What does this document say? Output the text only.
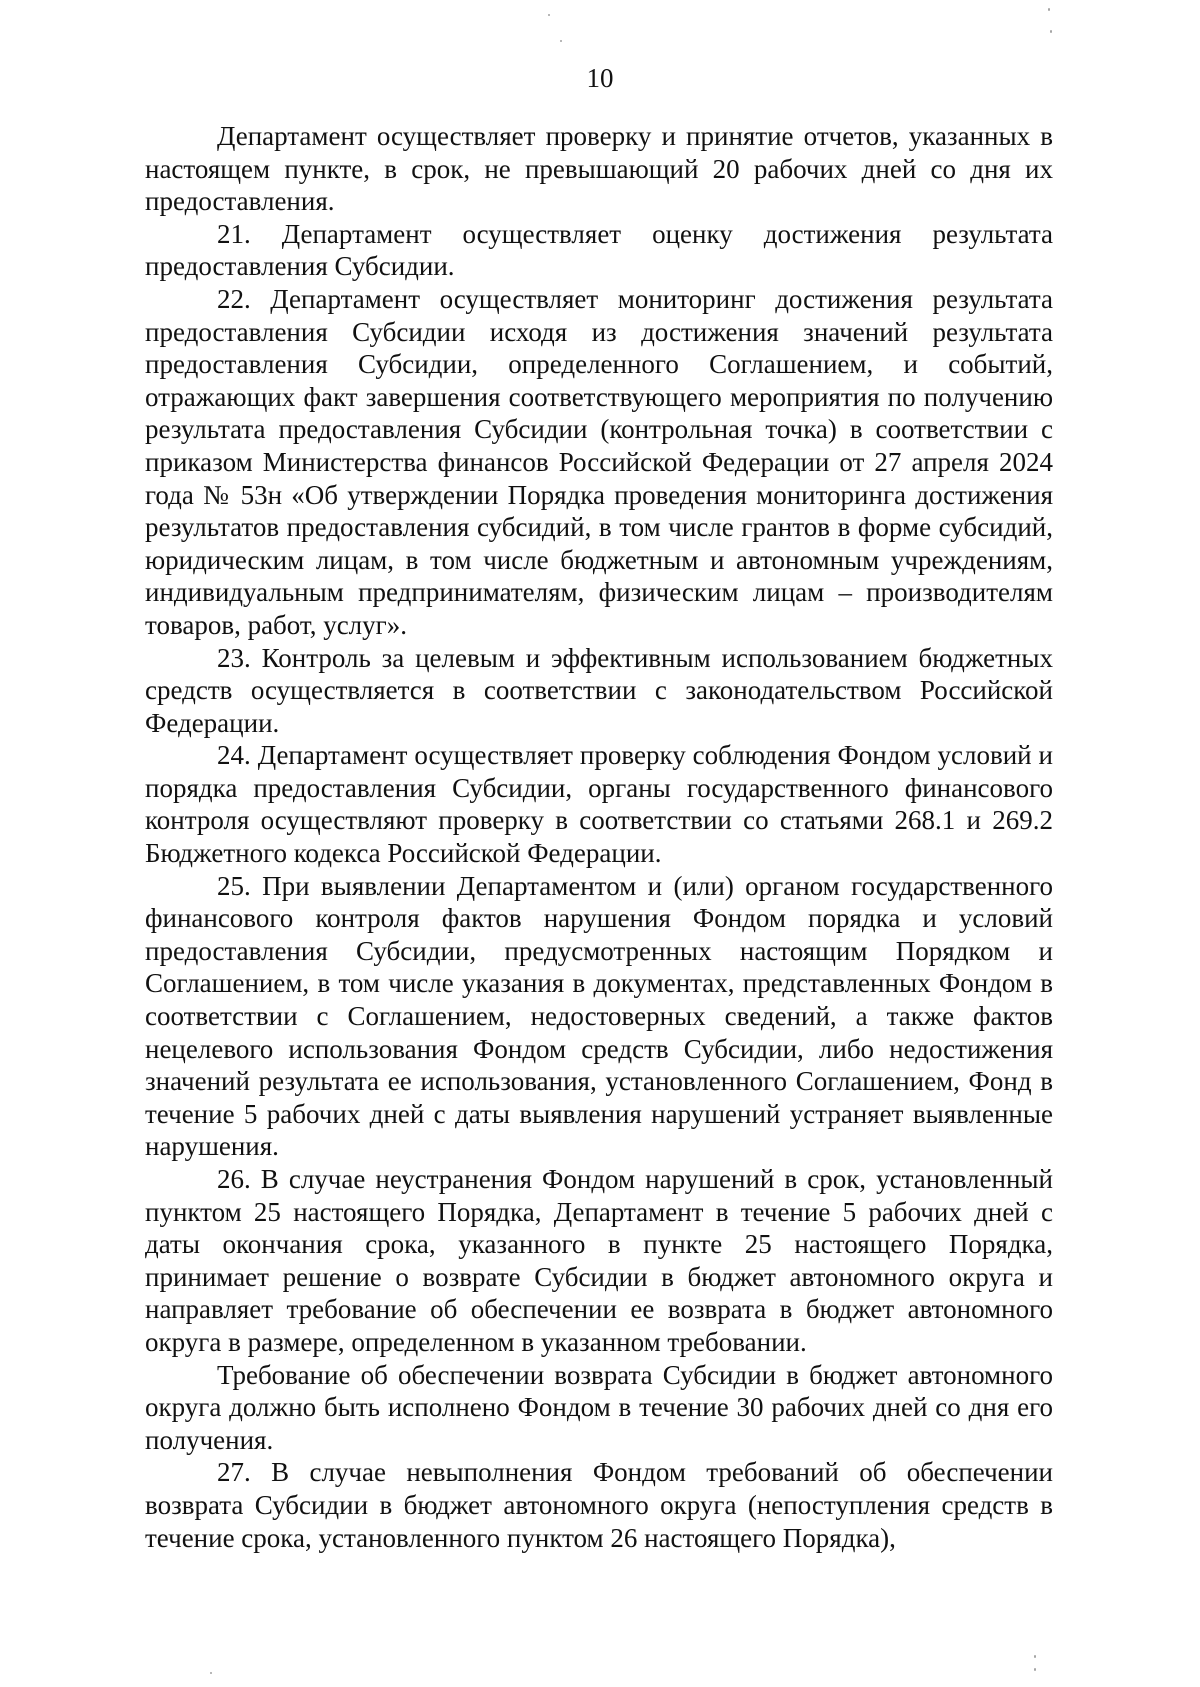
10

Департамент осуществляет проверку и принятие отчетов, указанных в настоящем пункте, в срок, не превышающий 20 рабочих дней со дня их предоставления.

21. Департамент осуществляет оценку достижения результата предоставления Субсидии.

22. Департамент осуществляет мониторинг достижения результата предоставления Субсидии исходя из достижения значений результата предоставления Субсидии, определенного Соглашением, и событий, отражающих факт завершения соответствующего мероприятия по получению результата предоставления Субсидии (контрольная точка) в соответствии с приказом Министерства финансов Российской Федерации от 27 апреля 2024 года № 53н «Об утверждении Порядка проведения мониторинга достижения результатов предоставления субсидий, в том числе грантов в форме субсидий, юридическим лицам, в том числе бюджетным и автономным учреждениям, индивидуальным предпринимателям, физическим лицам – производителям товаров, работ, услуг».

23. Контроль за целевым и эффективным использованием бюджетных средств осуществляется в соответствии с законодательством Российской Федерации.

24. Департамент осуществляет проверку соблюдения Фондом условий и порядка предоставления Субсидии, органы государственного финансового контроля осуществляют проверку в соответствии со статьями 268.1 и 269.2 Бюджетного кодекса Российской Федерации.

25. При выявлении Департаментом и (или) органом государственного финансового контроля фактов нарушения Фондом порядка и условий предоставления Субсидии, предусмотренных настоящим Порядком и Соглашением, в том числе указания в документах, представленных Фондом в соответствии с Соглашением, недостоверных сведений, а также фактов нецелевого использования Фондом средств Субсидии, либо недостижения значений результата ее использования, установленного Соглашением, Фонд в течение 5 рабочих дней с даты выявления нарушений устраняет выявленные нарушения.

26. В случае неустранения Фондом нарушений в срок, установленный пунктом 25 настоящего Порядка, Департамент в течение 5 рабочих дней с даты окончания срока, указанного в пункте 25 настоящего Порядка, принимает решение о возврате Субсидии в бюджет автономного округа и направляет требование об обеспечении ее возврата в бюджет автономного округа в размере, определенном в указанном требовании.

Требование об обеспечении возврата Субсидии в бюджет автономного округа должно быть исполнено Фондом в течение 30 рабочих дней со дня его получения.

27. В случае невыполнения Фондом требований об обеспечении возврата Субсидии в бюджет автономного округа (непоступления средств в течение срока, установленного пунктом 26 настоящего Порядка),
